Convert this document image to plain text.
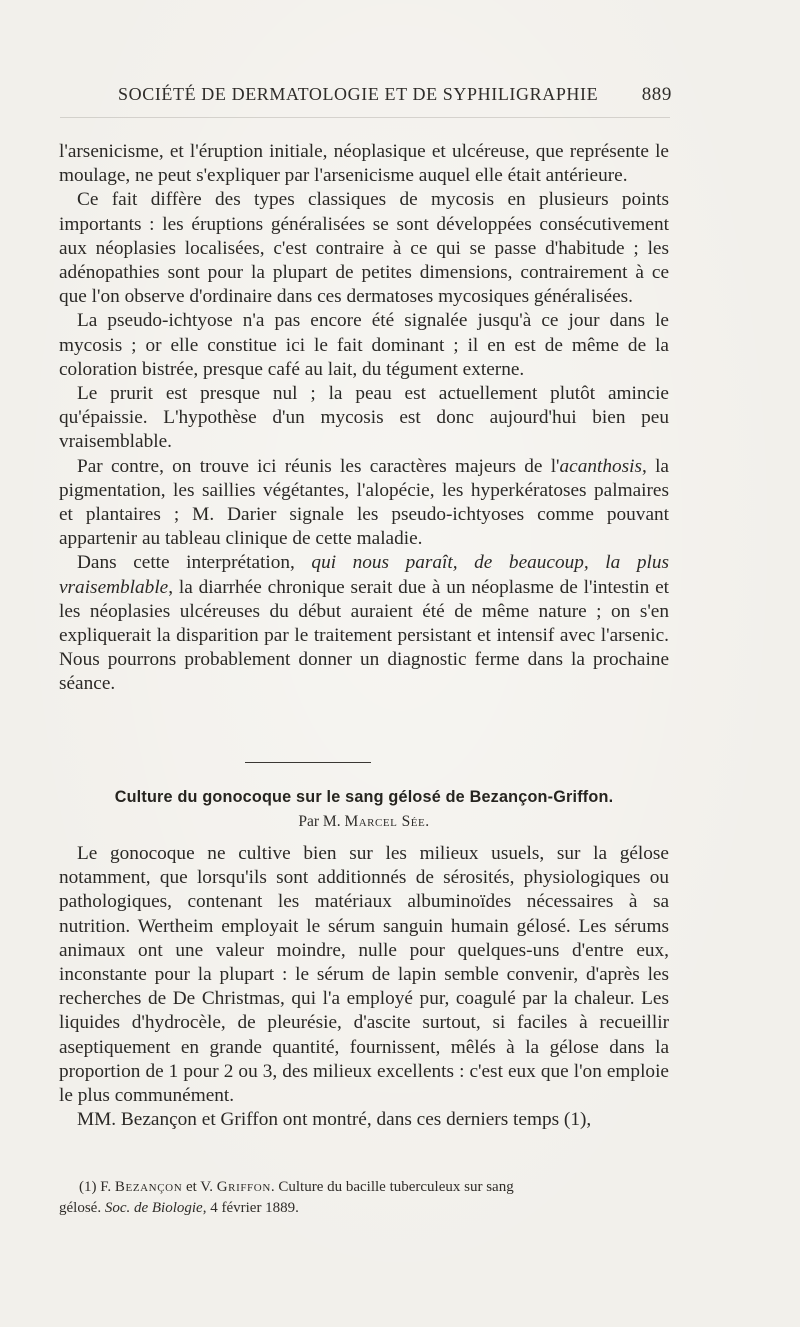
SOCIÉTÉ DE DERMATOLOGIE ET DE SYPHILIGRAPHIE 889

l'arsenicisme, et l'éruption initiale, néoplasique et ulcéreuse, que représente le moulage, ne peut s'expliquer par l'arsenicisme auquel elle était antérieure.

Ce fait diffère des types classiques de mycosis en plusieurs points importants : les éruptions généralisées se sont développées consécutivement aux néoplasies localisées, c'est contraire à ce qui se passe d'habitude ; les adénopathies sont pour la plupart de petites dimensions, contrairement à ce que l'on observe d'ordinaire dans ces dermatoses mycosiques généralisées.

La pseudo-ichtyose n'a pas encore été signalée jusqu'à ce jour dans le mycosis ; or elle constitue ici le fait dominant ; il en est de même de la coloration bistrée, presque café au lait, du tégument externe.

Le prurit est presque nul ; la peau est actuellement plutôt amincie qu'épaissie. L'hypothèse d'un mycosis est donc aujourd'hui bien peu vraisemblable.

Par contre, on trouve ici réunis les caractères majeurs de l'acanthosis, la pigmentation, les saillies végétantes, l'alopécie, les hyperkératoses palmaires et plantaires ; M. Darier signale les pseudo-ichtyoses comme pouvant appartenir au tableau clinique de cette maladie.

Dans cette interprétation, qui nous paraît, de beaucoup, la plus vraisemblable, la diarrhée chronique serait due à un néoplasme de l'intestin et les néoplasies ulcéreuses du début auraient été de même nature ; on s'en expliquerait la disparition par le traitement persistant et intensif avec l'arsenic. Nous pourrons probablement donner un diagnostic ferme dans la prochaine séance.

Culture du gonocoque sur le sang gélosé de Bezançon-Griffon.
Par M. Marcel Sée.

Le gonocoque ne cultive bien sur les milieux usuels, sur la gélose notamment, que lorsqu'ils sont additionnés de sérosités, physiologiques ou pathologiques, contenant les matériaux albuminoïdes nécessaires à sa nutrition. Wertheim employait le sérum sanguin humain gélosé. Les sérums animaux ont une valeur moindre, nulle pour quelques-uns d'entre eux, inconstante pour la plupart : le sérum de lapin semble convenir, d'après les recherches de De Christmas, qui l'a employé pur, coagulé par la chaleur. Les liquides d'hydrocèle, de pleurésie, d'ascite surtout, si faciles à recueillir aseptiquement en grande quantité, fournissent, mêlés à la gélose dans la proportion de 1 pour 2 ou 3, des milieux excellents : c'est eux que l'on emploie le plus communément.

MM. Bezançon et Griffon ont montré, dans ces derniers temps (1),

(1) F. Bezançon et V. Griffon. Culture du bacille tuberculeux sur sang
gélosé. Soc. de Biologie, 4 février 1889.
